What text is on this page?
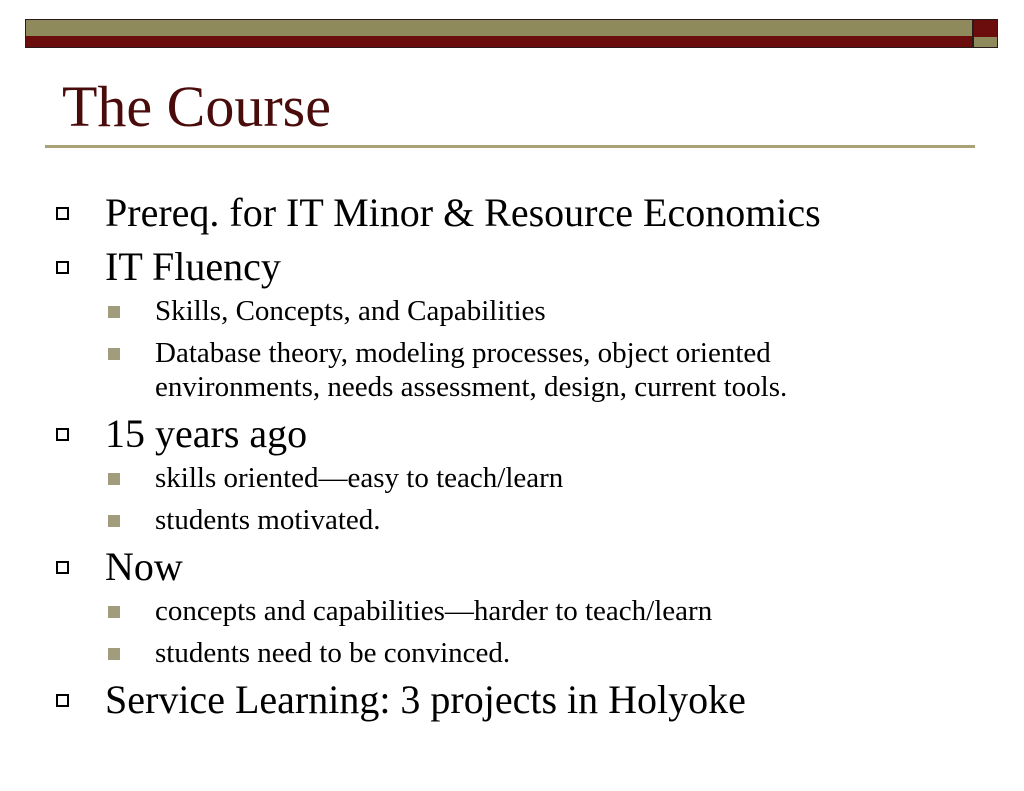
The Course
Prereq. for IT Minor & Resource Economics
IT Fluency
Skills, Concepts, and Capabilities
Database theory, modeling processes, object oriented
environments, needs assessment, design, current tools.
15 years ago
skills oriented—easy to teach/learn
students motivated.
Now
concepts and capabilities—harder to teach/learn
students need to be convinced.
Service Learning: 3 projects in Holyoke
